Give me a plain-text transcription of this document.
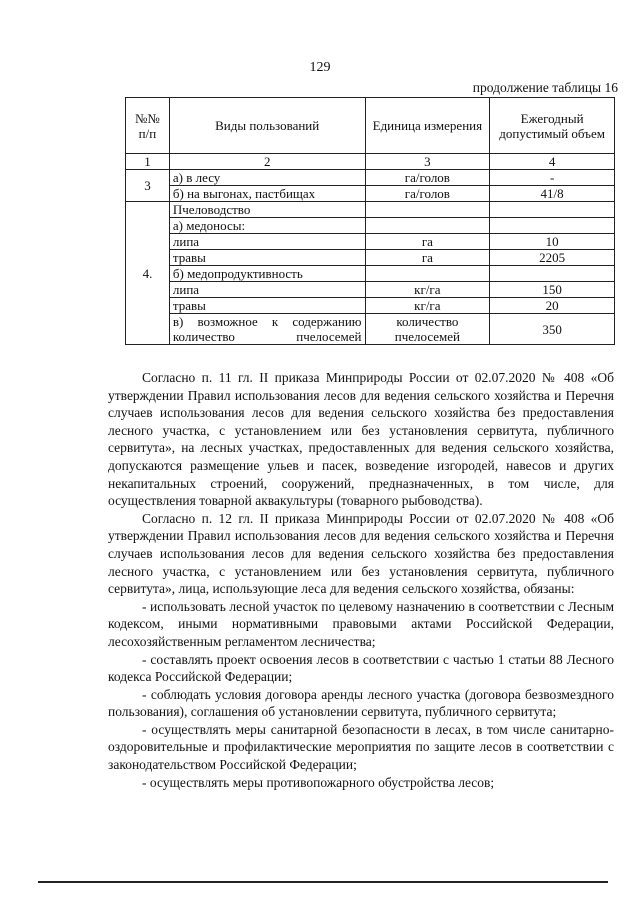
129
продолжение таблицы 16
№№ п/п	Виды пользований	Единица измерения	Ежегодный допустимый объем
1	2	3	4
3	а) в лесу	га/голов	-
	б) на выгонах, пастбищах	га/голов	41/8
4.	Пчеловодство		
	а) медоносы:		
	липа	га	10
	травы	га	2205
	б) медопродуктивность		
	липа	кг/га	150
	травы	кг/га	20
	в) возможное к содержанию количество пчелосемей	количество пчелосемей	350

Согласно п. 11 гл. II приказа Минприроды России от 02.07.2020 № 408 «Об утверждении Правил использования лесов для ведения сельского хозяйства и Перечня случаев использования лесов для ведения сельского хозяйства без предоставления лесного участка, с установлением или без установления сервитута, публичного сервитута», на лесных участках, предоставленных для ведения сельского хозяйства, допускаются размещение ульев и пасек, возведение изгородей, навесов и других некапитальных строений, сооружений, предназначенных, в том числе, для осуществления товарной аквакультуры (товарного рыбоводства).

Согласно п. 12 гл. II приказа Минприроды России от 02.07.2020 № 408 «Об утверждении Правил использования лесов для ведения сельского хозяйства и Перечня случаев использования лесов для ведения сельского хозяйства без предоставления лесного участка, с установлением или без установления сервитута, публичного сервитута», лица, использующие леса для ведения сельского хозяйства, обязаны:

- использовать лесной участок по целевому назначению в соответствии с Лесным кодексом, иными нормативными правовыми актами Российской Федерации, лесохозяйственным регламентом лесничества;

- составлять проект освоения лесов в соответствии с частью 1 статьи 88 Лесного кодекса Российской Федерации;

- соблюдать условия договора аренды лесного участка (договора безвозмездного пользования), соглашения об установлении сервитута, публичного сервитута;

- осуществлять меры санитарной безопасности в лесах, в том числе санитарно-оздоровительные и профилактические мероприятия по защите лесов в соответствии с законодательством Российской Федерации;

- осуществлять меры противопожарного обустройства лесов;
